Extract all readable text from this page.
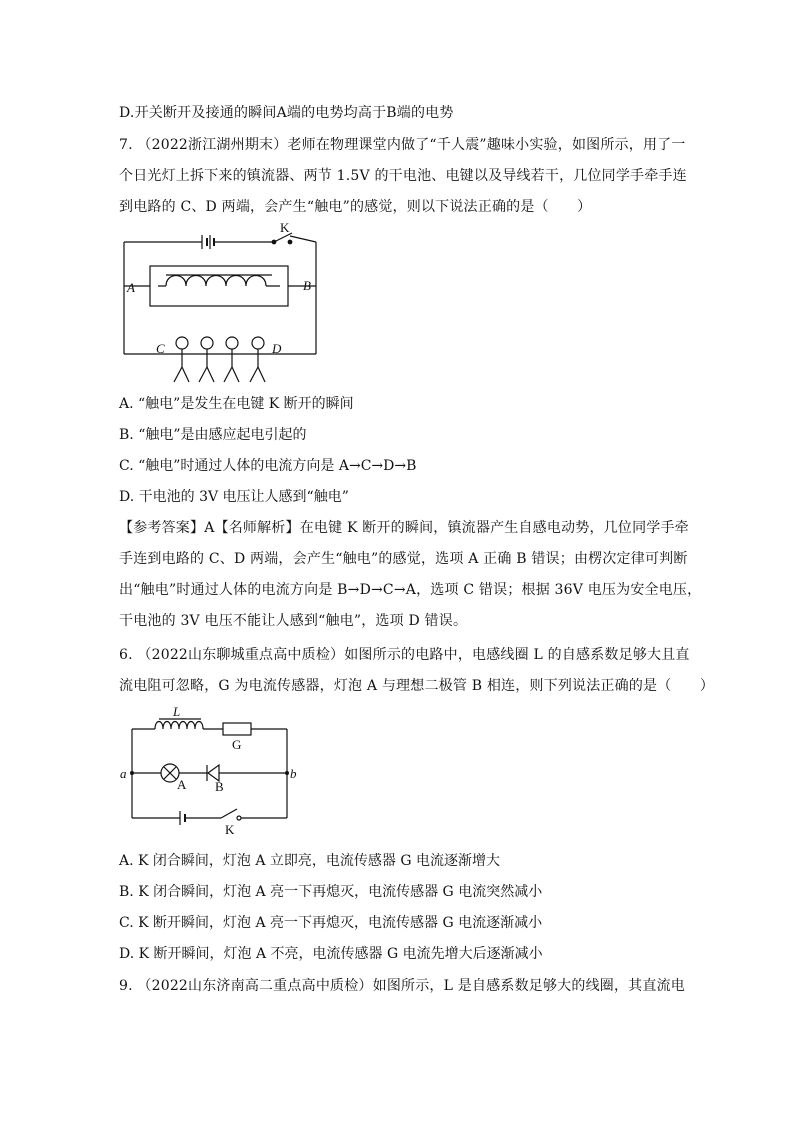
D.开关断开及接通的瞬间A端的电势均高于B端的电势
7. （2022浙江湖州期末）老师在物理课堂内做了“千人震”趣味小实验，如图所示，用了一
个日光灯上拆下来的镇流器、两节 1.5V 的干电池、电键以及导线若干，几位同学手牵手连
到电路的 C、D 两端，会产生“触电”的感觉，则以下说法正确的是（　　）
K
A	B
C	D
A. “触电”是发生在电键 K 断开的瞬间
B. “触电”是由感应起电引起的
C. “触电”时通过人体的电流方向是 A→C→D→B
D. 干电池的 3V 电压让人感到“触电”
【参考答案】A【名师解析】在电键 K 断开的瞬间，镇流器产生自感电动势，几位同学手牵
手连到电路的 C、D 两端，会产生“触电”的感觉，选项 A 正确 B 错误；由楞次定律可判断
出“触电”时通过人体的电流方向是 B→D→C→A，选项 C 错误；根据 36V 电压为安全电压，
干电池的 3V 电压不能让人感到“触电”，选项 D 错误。
6. （2022山东聊城重点高中质检）如图所示的电路中，电感线圈 L 的自感系数足够大且直
流电阻可忽略，G 为电流传感器，灯泡 A 与理想二极管 B 相连，则下列说法正确的是（　　）
L
G
a	b
A B
K
A. K 闭合瞬间，灯泡 A 立即亮，电流传感器 G 电流逐渐增大
B. K 闭合瞬间，灯泡 A 亮一下再熄灭，电流传感器 G 电流突然减小
C. K 断开瞬间，灯泡 A 亮一下再熄灭，电流传感器 G 电流逐渐减小
D. K 断开瞬间，灯泡 A 不亮，电流传感器 G 电流先增大后逐渐减小
9. （2022山东济南高二重点高中质检）如图所示，L 是自感系数足够大的线圈，其直流电
